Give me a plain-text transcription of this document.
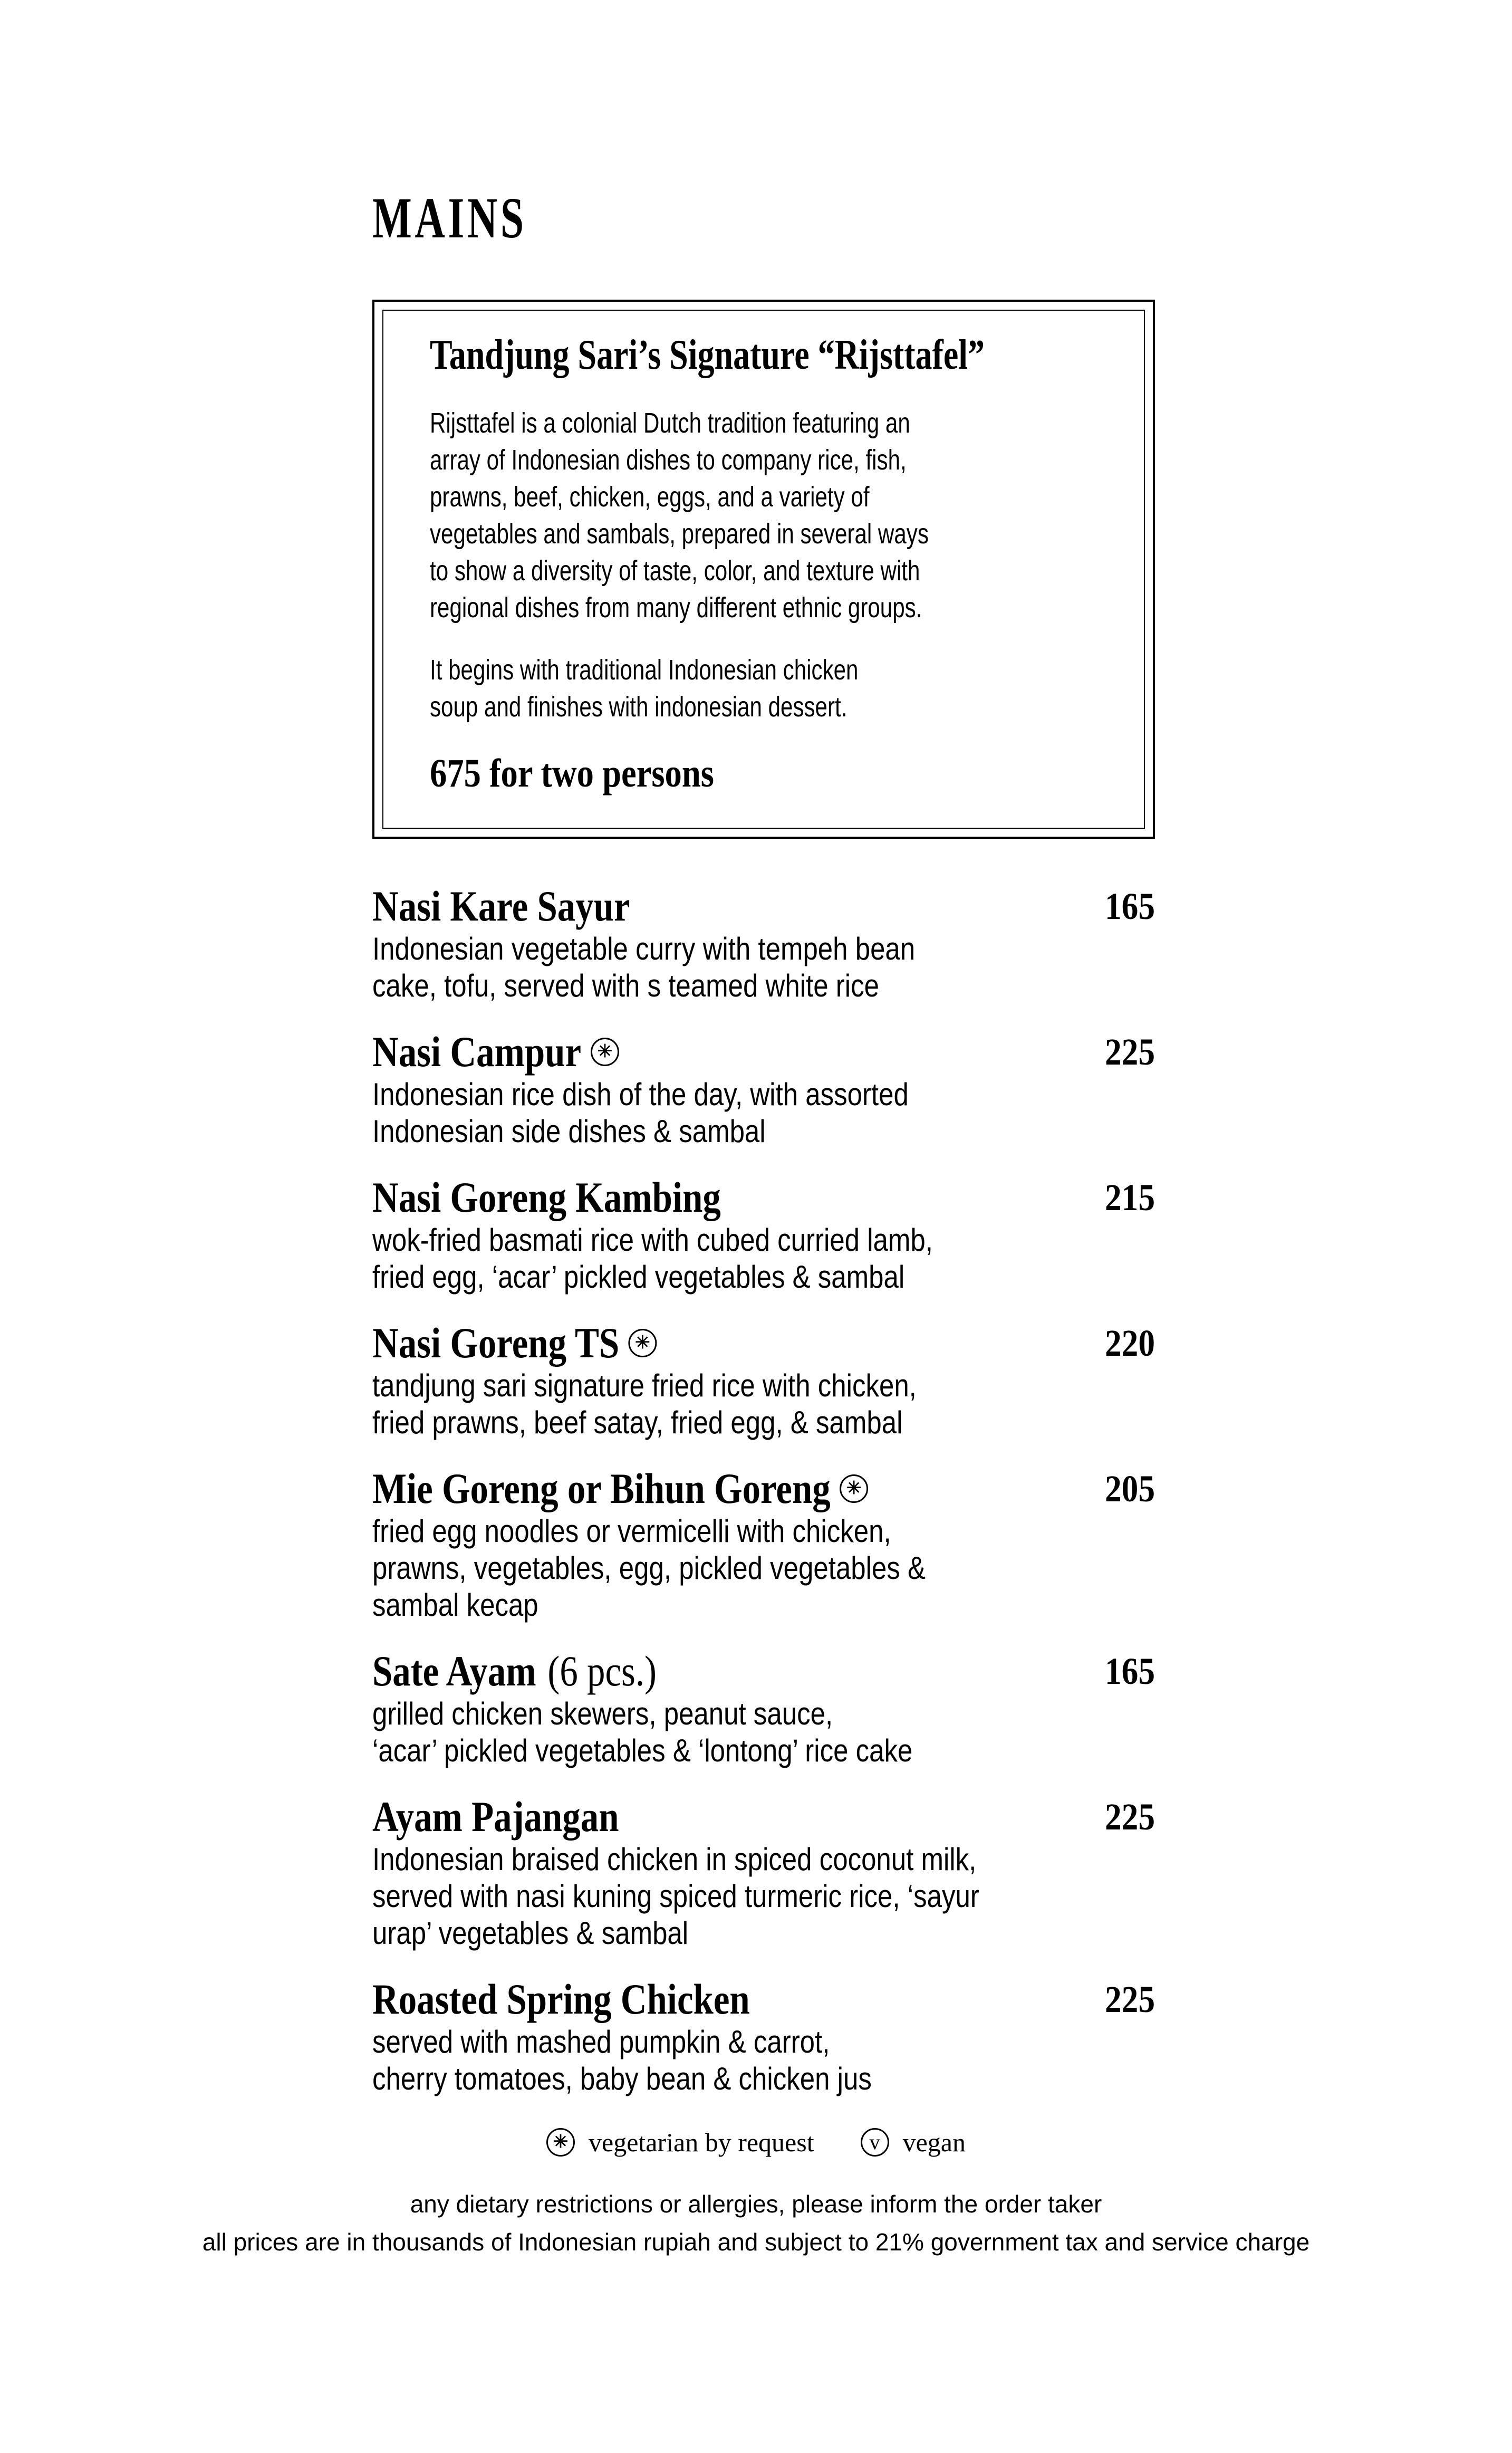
MAINS
Tandjung Sari’s Signature “Rijsttafel”
Rijsttafel is a colonial Dutch tradition featuring an
array of Indonesian dishes to company rice, fish,
prawns, beef, chicken, eggs, and a variety of
vegetables and sambals, prepared in several ways
to show a diversity of taste, color, and texture with
regional dishes from many different ethnic groups.
It begins with traditional Indonesian chicken
soup and finishes with indonesian dessert.
675 for two persons
Nasi Kare Sayur	165
Indonesian vegetable curry with tempeh bean
cake, tofu, served with s teamed white rice
Nasi Campur ✳	225
Indonesian rice dish of the day, with assorted
Indonesian side dishes & sambal
Nasi Goreng Kambing	215
wok-fried basmati rice with cubed curried lamb,
fried egg, ‘acar’ pickled vegetables & sambal
Nasi Goreng TS ✳	220
tandjung sari signature fried rice with chicken,
fried prawns, beef satay, fried egg, & sambal
Mie Goreng or Bihun Goreng ✳	205
fried egg noodles or vermicelli with chicken,
prawns, vegetables, egg, pickled vegetables &
sambal kecap
Sate Ayam (6 pcs.)	165
grilled chicken skewers, peanut sauce,
‘acar’ pickled vegetables & ‘lontong’ rice cake
Ayam Pajangan	225
Indonesian braised chicken in spiced coconut milk,
served with nasi kuning spiced turmeric rice, ‘sayur
urap’ vegetables & sambal
Roasted Spring Chicken	225
served with mashed pumpkin & carrot,
cherry tomatoes, baby bean & chicken jus
✳ vegetarian by request	v vegan
any dietary restrictions or allergies, please inform the order taker
all prices are in thousands of Indonesian rupiah and subject to 21% government tax and service charge
